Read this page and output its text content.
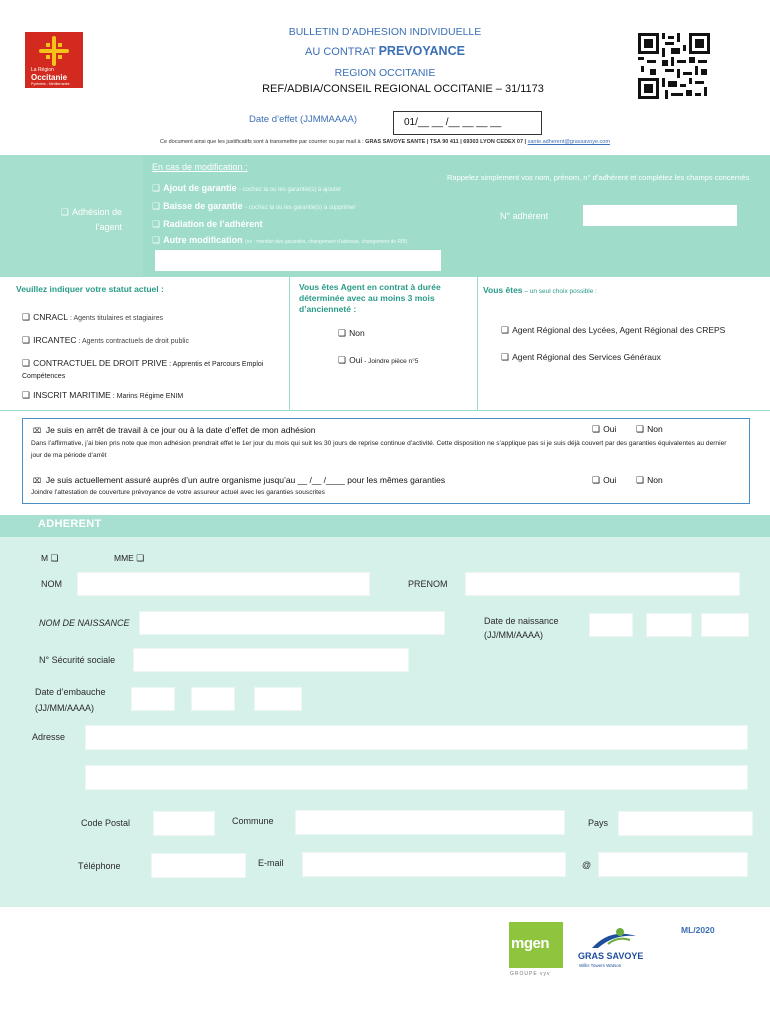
La Région
Occitanie
Pyrénées - Méditerranée
BULLETIN D’ADHESION INDIVIDUELLE
AU CONTRAT PREVOYANCE
REGION OCCITANIE
REF/ADBIA/CONSEIL REGIONAL OCCITANIE – 31/1173
Date d’effet (JJMMAAAA)	01/__ __ /__ __ __ __
Ce document ainsi que les justificatifs sont à transmettre par courrier ou par mail à : GRAS SAVOYE SANTE | TSA 90 411 | 69303 LYON CEDEX 07 | sante.adherent@grassavoye.com
❏ Adhésion de l’agent
En cas de modification :
❏ Ajout de garantie - cochez la ou les garantie(s) à ajouter
❏ Baisse de garantie - cochez la ou les garantie(s) à supprimer
❏ Radiation de l’adhérent
❏ Autre modification (ex : mention des garanties, changement d’adresse, changement de RIB)
Rappelez simplement vos nom, prénom, n° d’adhérent et complétez les champs concernés
N° adhérent
Veuillez indiquer votre statut actuel :
❏ CNRACL : Agents titulaires et stagiaires
❏ IRCANTEC : Agents contractuels de droit public
❏ CONTRACTUEL DE DROIT PRIVE : Apprentis et Parcours Emploi Compétences
❏ INSCRIT MARITIME : Marins Régime ENIM
Vous êtes Agent en contrat à durée déterminée avec au moins 3 mois d’ancienneté :
❏ Non
❏ Oui - Joindre pièce n°5
Vous êtes – un seul choix possible :
❏ Agent Régional des Lycées, Agent Régional des CREPS
❏ Agent Régional des Services Généraux
⌧ Je suis en arrêt de travail à ce jour ou à la date d’effet de mon adhésion ❏	Oui ❏	Non
Dans l’affirmative, j’ai bien pris note que mon adhésion prendrait effet le 1er jour du mois qui suit les 30 jours de reprise continue d’activité. Cette disposition ne s’applique pas si je suis déjà couvert par des garanties équivalentes au dernier jour de ma période d’arrêt
⌧ Je suis actuellement assuré auprès d’un autre organisme jusqu’au __ /__ /____ pour les mêmes garanties ❏	Oui ❏	Non
Joindre l’attestation de couverture prévoyance de votre assureur actuel avec les garanties souscrites
ADHERENT
M ❏	MME ❏
NOM	PRENOM
NOM DE NAISSANCE	Date de naissance
(JJ/MM/AAAA)
N° Sécurité sociale
Date d’embauche
(JJ/MM/AAAA)
Adresse
Code Postal	Commune	Pays
Téléphone	E-mail	@
ML/2020
mgen
GROUPE vyv
GRAS SAVOYE
Willis Towers Watson
